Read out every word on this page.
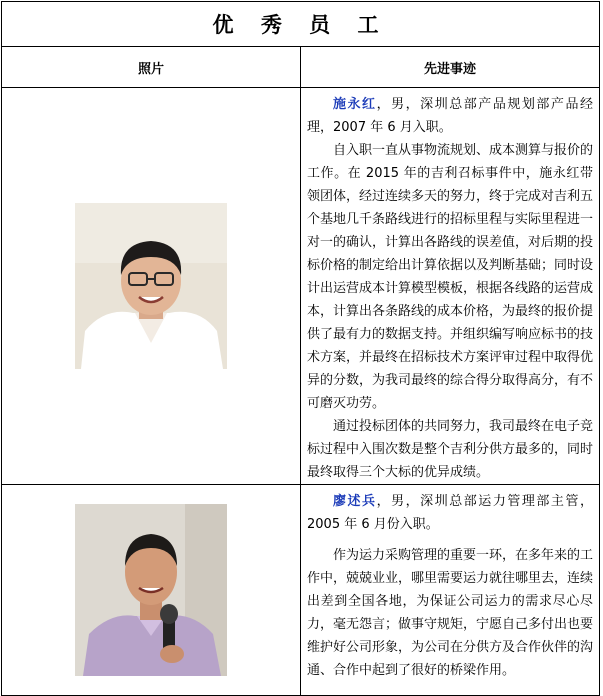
优 秀 员 工	
照片	先进事迹

施永红，男，深圳总部产品规划部产品经理，2007 年 6 月入职。

自入职一直从事物流规划、成本测算与报价的工作。在 2015 年的吉利召标事件中，施永红带领团体，经过连续多天的努力，终于完成对吉利五个基地几千条路线进行的招标里程与实际里程进一对一的确认，计算出各路线的误差值，对后期的投标价格的制定给出计算依据以及判断基础；同时设计出运营成本计算模型模板，根据各线路的运营成本，计算出各条路线的成本价格，为最终的报价提供了最有力的数据支持。并组织编写响应标书的技术方案，并最终在招标技术方案评审过程中取得优异的分数，为我司最终的综合得分取得高分，有不可磨灭功劳。

通过投标团体的共同努力，我司最终在电子竞标过程中入围次数是整个吉利分供方最多的，同时最终取得三个大标的优异成绩。

廖述兵，男，深圳总部运力管理部主管，2005 年 6 月份入职。

作为运力采购管理的重要一环，在多年来的工作中，兢兢业业，哪里需要运力就往哪里去，连续出差到全国各地，为保证公司运力的需求尽心尽力，毫无怨言；做事守规矩，宁愿自己多付出也要维护好公司形象，为公司在分供方及合作伙伴的沟通、合作中起到了很好的桥梁作用。
